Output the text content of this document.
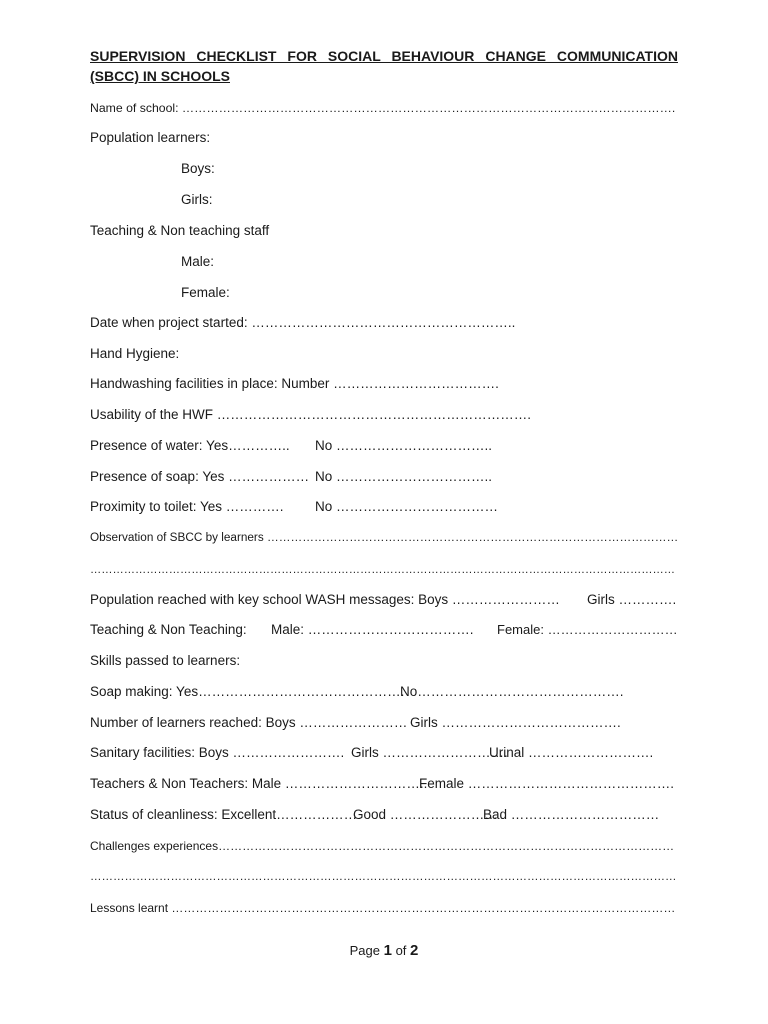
SUPERVISION CHECKLIST FOR SOCIAL BEHAVIOUR CHANGE COMMUNICATION (SBCC) IN SCHOOLS
Name of school: ………………………………………………………………………………………………………….
Population learners:
Boys:
Girls:
Teaching & Non teaching staff
Male:
Female:
Date when project started: …………………………………………………..
Hand Hygiene:
Handwashing facilities in place: Number ……………………………….
Usability of the HWF …………………………………………………………….
Presence of water: Yes………….. No ……………………………..
Presence of soap: Yes ……………… No ……………………………..
Proximity to toilet: Yes …………. No ………………………………
Observation of SBCC by learners ……………………………………………………………………………………………
…………………………………………………………………………………………………………………………………………
Population reached with key school WASH messages: Boys …………………… Girls ………….
Teaching & Non Teaching: Male: ………………………………. Female: …………………………
Skills passed to learners:
Soap making: Yes……………………………………….
No……………………………………….
Number of learners reached: Boys …………………… Girls ………………………………….
Sanitary facilities: Boys ……………………. Girls ……………………….
Urinal ……………………….
Teachers & Non Teachers: Male …………………………..
Female ……………………………………….
Status of cleanliness: Excellent………………
Good ……………………
Bad ……………………………
Challenges experiences……………………………………………………………………………………………………
………………………………………………………………………………………………………………………………………
Lessons learnt ………………………………………………………………………………………………………………
Page 1 of 2
